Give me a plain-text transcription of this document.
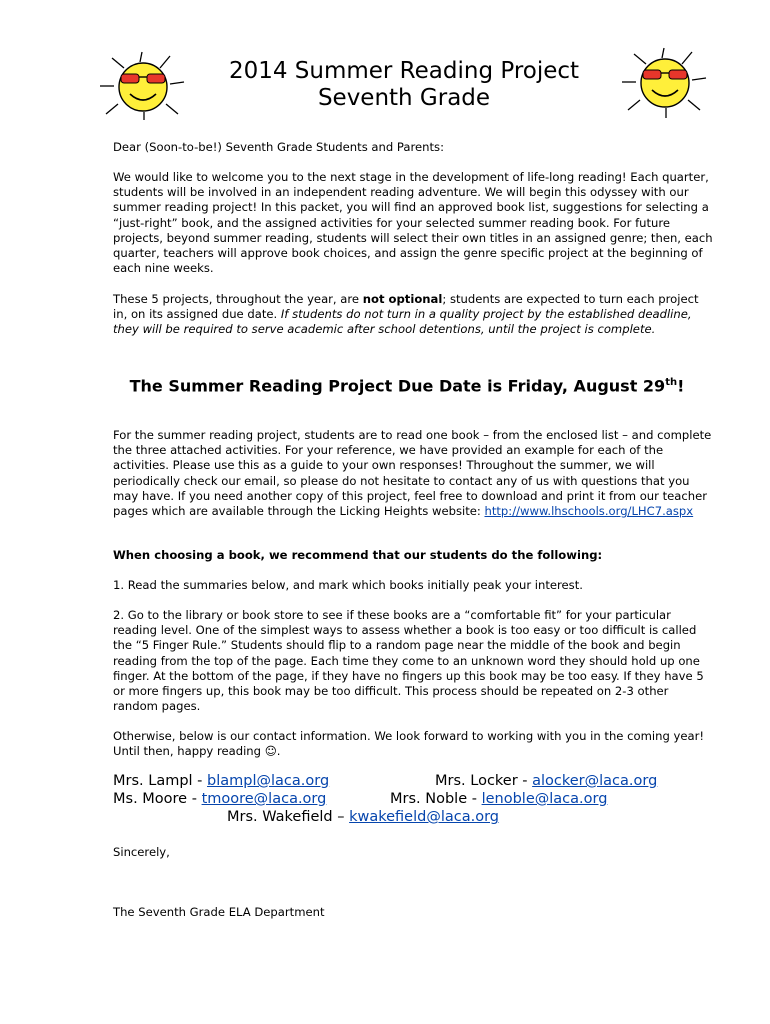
2014 Summer Reading Project
Seventh Grade

Dear (Soon-to-be!) Seventh Grade Students and Parents:

We would like to welcome you to the next stage in the development of life-long reading! Each quarter, students will be involved in an independent reading adventure. We will begin this odyssey with our summer reading project! In this packet, you will find an approved book list, suggestions for selecting a “just-right” book, and the assigned activities for your selected summer reading book. For future projects, beyond summer reading, students will select their own titles in an assigned genre; then, each quarter, teachers will approve book choices, and assign the genre specific project at the beginning of each nine weeks.

These 5 projects, throughout the year, are not optional; students are expected to turn each project in, on its assigned due date. If students do not turn in a quality project by the established deadline, they will be required to serve academic after school detentions, until the project is complete.

The Summer Reading Project Due Date is Friday, August 29th!

For the summer reading project, students are to read one book – from the enclosed list – and complete the three attached activities. For your reference, we have provided an example for each of the activities. Please use this as a guide to your own responses! Throughout the summer, we will periodically check our email, so please do not hesitate to contact any of us with questions that you may have. If you need another copy of this project, feel free to download and print it from our teacher pages which are available through the Licking Heights website: http://www.lhschools.org/LHC7.aspx

When choosing a book, we recommend that our students do the following:

1. Read the summaries below, and mark which books initially peak your interest.

2. Go to the library or book store to see if these books are a “comfortable fit” for your particular reading level. One of the simplest ways to assess whether a book is too easy or too difficult is called the “5 Finger Rule.” Students should flip to a random page near the middle of the book and begin reading from the top of the page. Each time they come to an unknown word they should hold up one finger. At the bottom of the page, if they have no fingers up this book may be too easy. If they have 5 or more fingers up, this book may be too difficult. This process should be repeated on 2-3 other random pages.

Otherwise, below is our contact information. We look forward to working with you in the coming year! Until then, happy reading ☺.

Mrs. Lampl - blampl@laca.org	Mrs. Locker - alocker@laca.org
Ms. Moore - tmoore@laca.org	Mrs. Noble - lenoble@laca.org
Mrs. Wakefield – kwakefield@laca.org

Sincerely,

The Seventh Grade ELA Department
